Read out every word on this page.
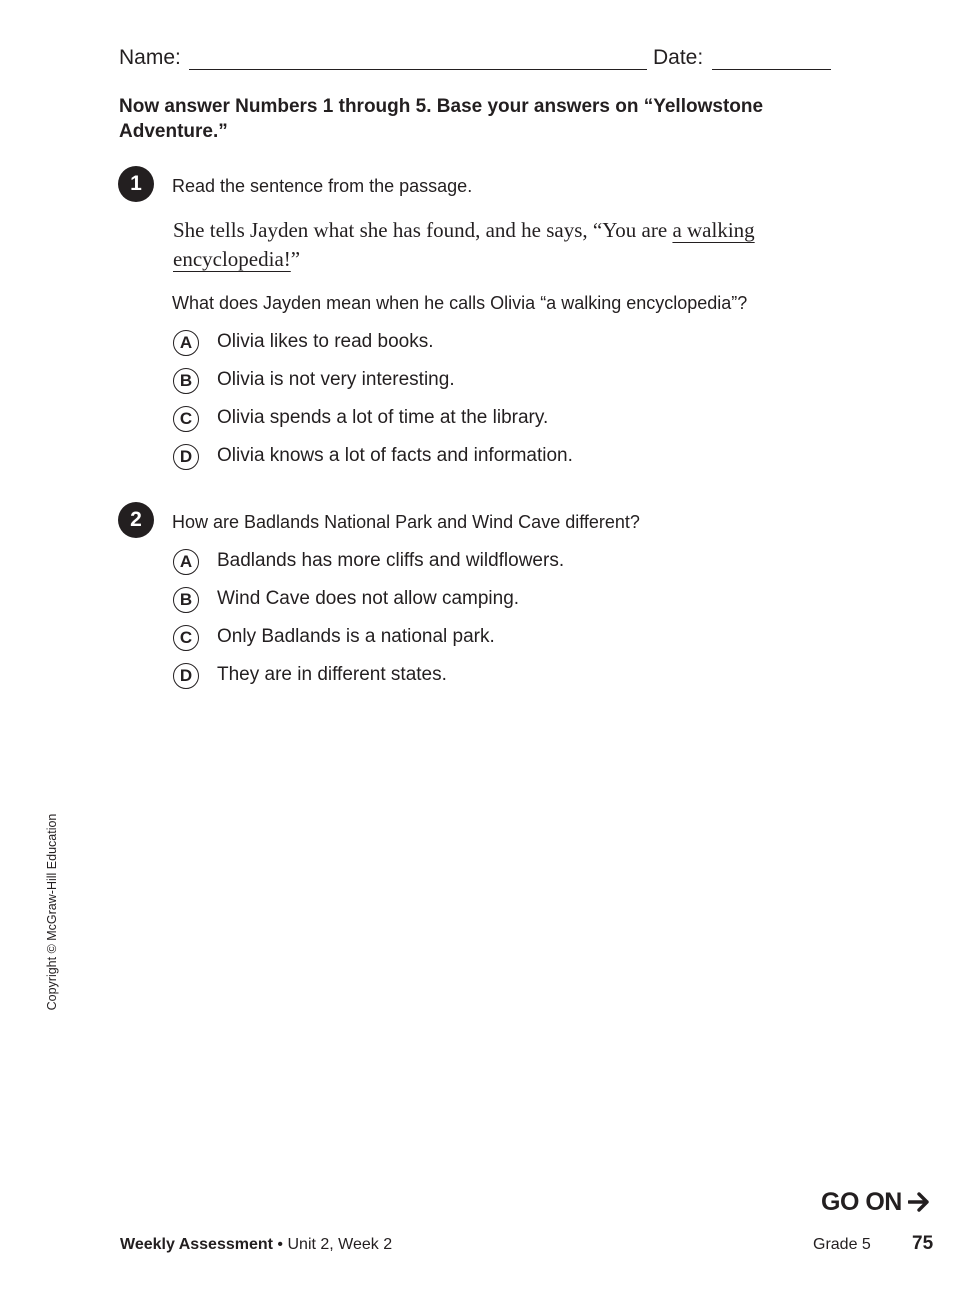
Name:	Date:
Now answer Numbers 1 through 5. Base your answers on “Yellowstone Adventure.”
1	Read the sentence from the passage.
She tells Jayden what she has found, and he says, “You are a walking
encyclopedia!”
What does Jayden mean when he calls Olivia “a walking encyclopedia”?
A	Olivia likes to read books.
B	Olivia is not very interesting.
C	Olivia spends a lot of time at the library.
D	Olivia knows a lot of facts and information.
2	How are Badlands National Park and Wind Cave different?
A	Badlands has more cliffs and wildflowers.
B	Wind Cave does not allow camping.
C	Only Badlands is a national park.
D	They are in different states.
Copyright © McGraw-Hill Education
GO ON
Weekly Assessment • Unit 2, Week 2	Grade 5 75
